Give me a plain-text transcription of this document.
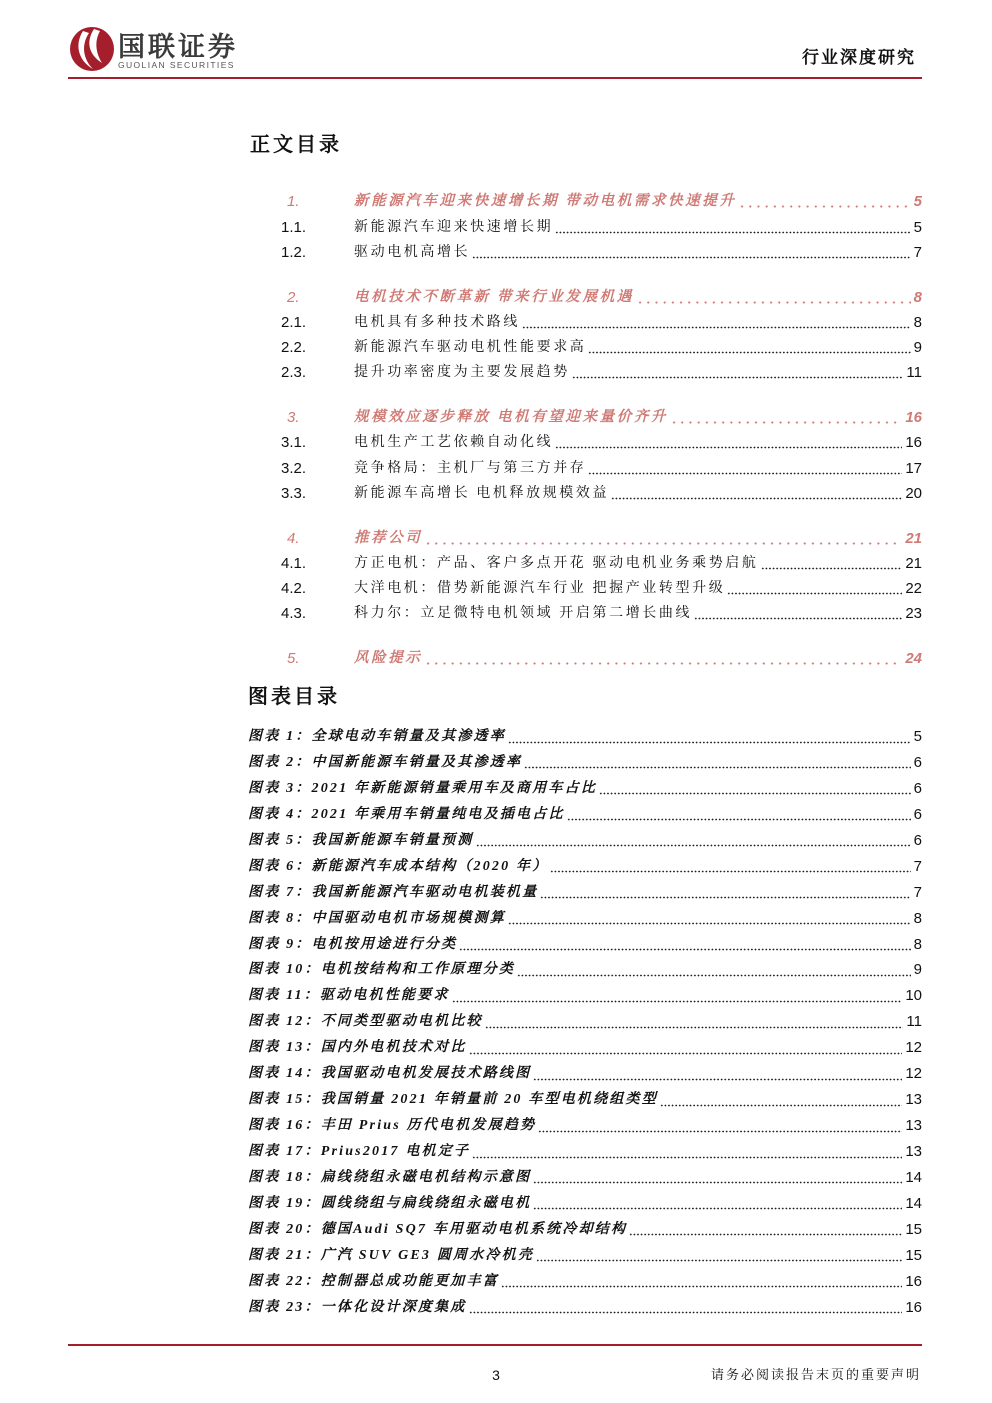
国联证券
GUOLIAN SECURITIES	行业深度研究
正文目录
1.	新能源汽车迎来快速增长期 带动电机需求快速提升	5
1.1.	新能源汽车迎来快速增长期	5
1.2.	驱动电机高增长	7
2.	电机技术不断革新 带来行业发展机遇	8
2.1.	电机具有多种技术路线	8
2.2.	新能源汽车驱动电机性能要求高	9
2.3.	提升功率密度为主要发展趋势	11
3.	规模效应逐步释放 电机有望迎来量价齐升	16
3.1.	电机生产工艺依赖自动化线	16
3.2.	竞争格局：主机厂与第三方并存	17
3.3.	新能源车高增长 电机释放规模效益	20
4.	推荐公司	21
4.1.	方正电机：产品、客户多点开花 驱动电机业务乘势启航	21
4.2.	大洋电机：借势新能源汽车行业 把握产业转型升级	22
4.3.	科力尔：立足微特电机领域 开启第二增长曲线	23
5.	风险提示	24
图表目录
图表 1：全球电动车销量及其渗透率	5
图表 2：中国新能源车销量及其渗透率	6
图表 3：2021 年新能源销量乘用车及商用车占比	6
图表 4：2021 年乘用车销量纯电及插电占比	6
图表 5：我国新能源车销量预测	6
图表 6：新能源汽车成本结构（2020 年）	7
图表 7：我国新能源汽车驱动电机装机量	7
图表 8：中国驱动电机市场规模测算	8
图表 9：电机按用途进行分类	8
图表 10：电机按结构和工作原理分类	9
图表 11：驱动电机性能要求	10
图表 12：不同类型驱动电机比较	11
图表 13：国内外电机技术对比	12
图表 14：我国驱动电机发展技术路线图	12
图表 15：我国销量 2021 年销量前 20 车型电机绕组类型	13
图表 16：丰田 Prius 历代电机发展趋势	13
图表 17：Prius2017 电机定子	13
图表 18：扁线绕组永磁电机结构示意图	14
图表 19：圆线绕组与扁线绕组永磁电机	14
图表 20：德国Audi SQ7 车用驱动电机系统冷却结构	15
图表 21：广汽 SUV GE3 圆周水冷机壳	15
图表 22：控制器总成功能更加丰富	16
图表 23：一体化设计深度集成	16
3	请务必阅读报告末页的重要声明
